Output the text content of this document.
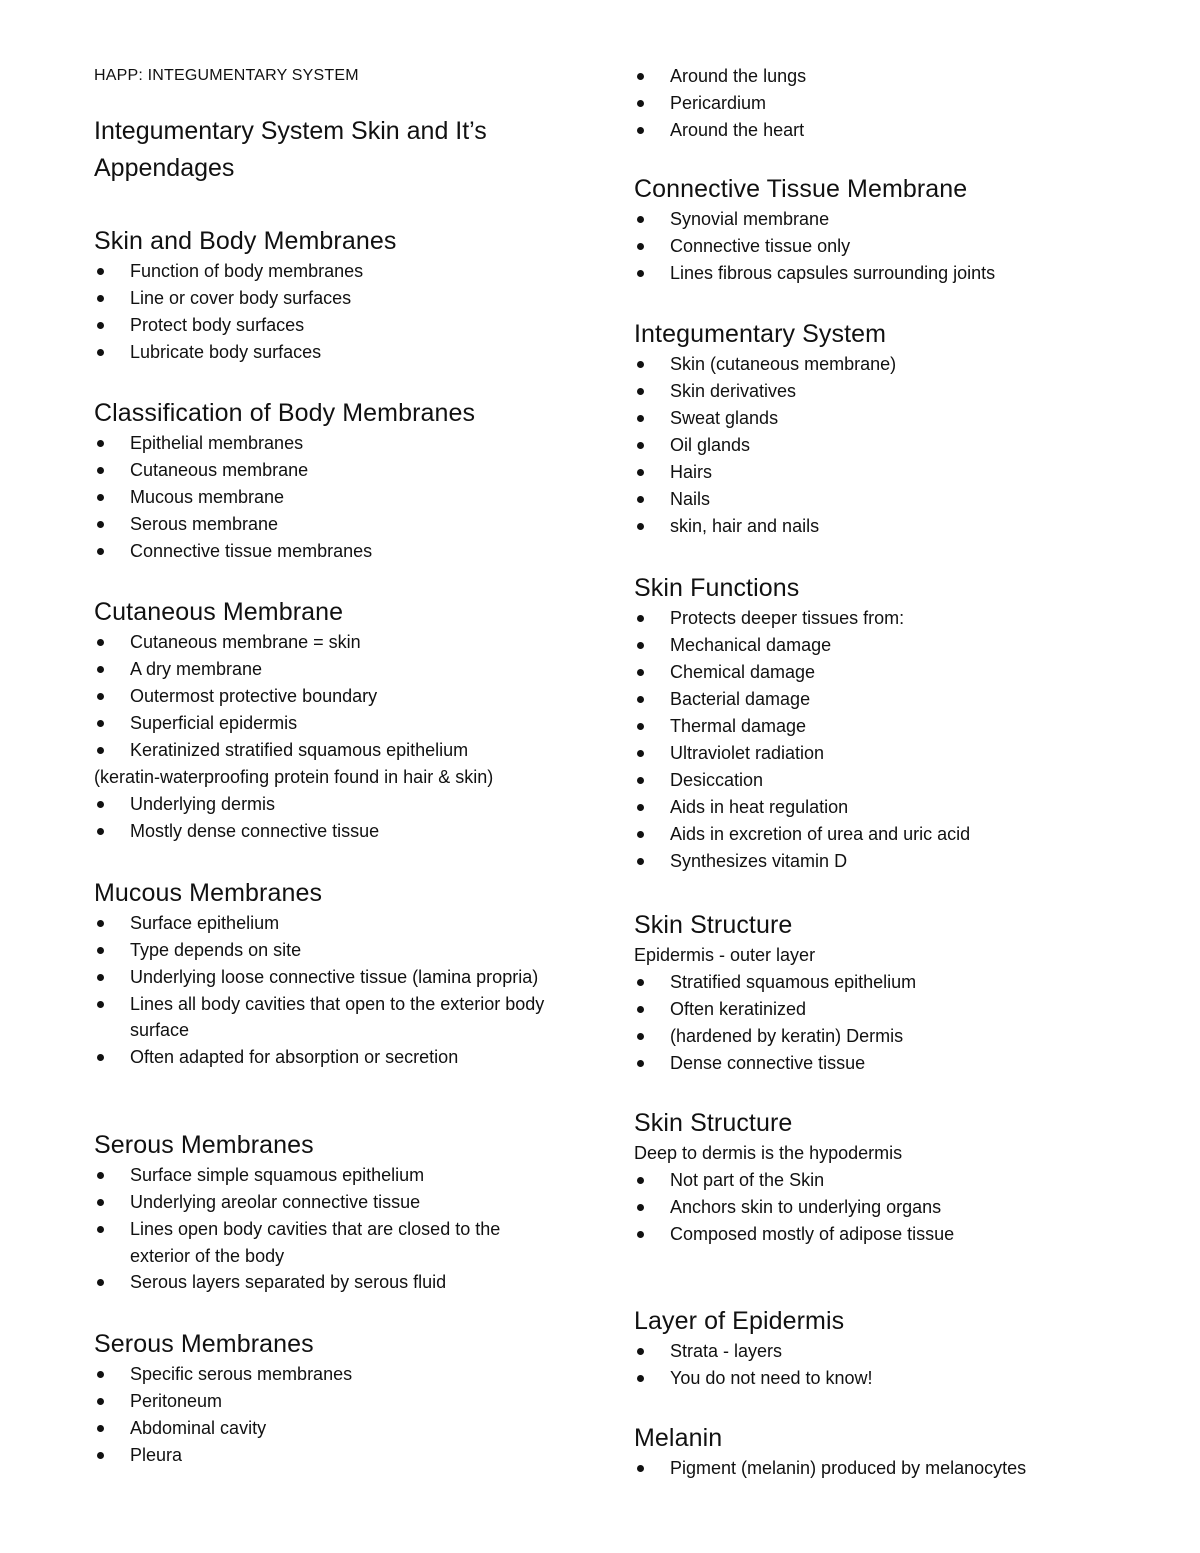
HAPP: INTEGUMENTARY SYSTEM
Integumentary System Skin and It’s
Appendages
Skin and Body Membranes
Function of body membranes
Line or cover body surfaces
Protect body surfaces
Lubricate body surfaces
Classification of Body Membranes
Epithelial membranes
Cutaneous membrane
Mucous membrane
Serous membrane
Connective tissue membranes
Cutaneous Membrane
Cutaneous membrane = skin
A dry membrane
Outermost protective boundary
Superficial epidermis
Keratinized stratified squamous epithelium

(keratin-waterproofing protein found in hair & skin)

Underlying dermis
Mostly dense connective tissue
Mucous Membranes
Surface epithelium
Type depends on site
Underlying loose connective tissue (lamina propria)
Lines all body cavities that open to the exterior body surface
Often adapted for absorption or secretion
Serous Membranes
Surface simple squamous epithelium
Underlying areolar connective tissue
Lines open body cavities that are closed to the exterior of the body
Serous layers separated by serous fluid
Serous Membranes
Specific serous membranes
Peritoneum
Abdominal cavity
Pleura
Around the lungs
Pericardium
Around the heart
Connective Tissue Membrane
Synovial membrane
Connective tissue only
Lines fibrous capsules surrounding joints
Integumentary System
Skin (cutaneous membrane)
Skin derivatives
Sweat glands
Oil glands
Hairs
Nails
skin, hair and nails
Skin Functions
Protects deeper tissues from:
Mechanical damage
Chemical damage
Bacterial damage
Thermal damage
Ultraviolet radiation
Desiccation
Aids in heat regulation
Aids in excretion of urea and uric acid
Synthesizes vitamin D
Skin Structure

Epidermis - outer layer

Stratified squamous epithelium
Often keratinized
(hardened by keratin) Dermis
Dense connective tissue
Skin Structure

Deep to dermis is the hypodermis

Not part of the Skin
Anchors skin to underlying organs
Composed mostly of adipose tissue
Layer of Epidermis
Strata - layers
You do not need to know!
Melanin
Pigment (melanin) produced by melanocytes
